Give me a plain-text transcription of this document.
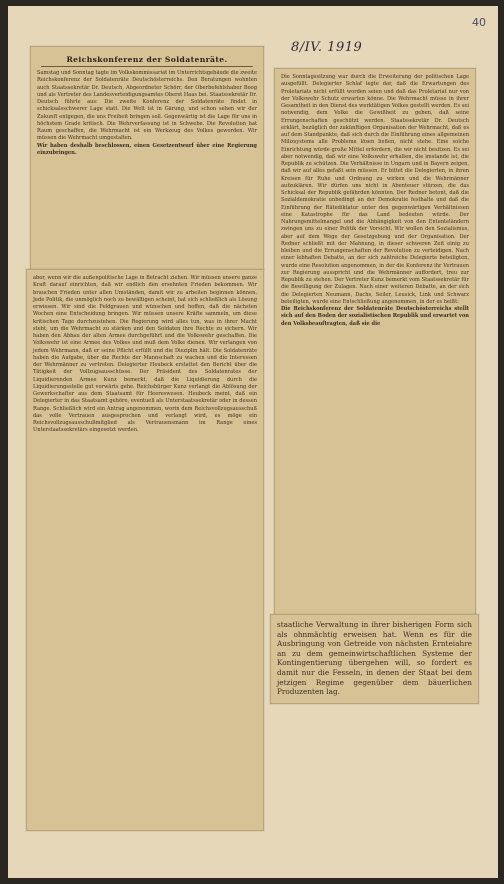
40
8/IV. 1919
Reichskonferenz der Soldatenräte.
Samstag und Sonntag tagte im Volkskommissariat im Unterrichtsgebäude die zweite Reichskonferenz der Soldatenräte Deutschösterreichs. Den Beratungen wohnten auch Staatssekretär Dr. Deutsch, Abgeordneter Schörr, der Oberbefehlshaber Boog und als Vertreter des Landesverteidigungsamtes Oberst Haas bei. Staatssekretär Dr. Deutsch führte aus: Die zweite Konferenz der Soldatenräte findet in schicksalsschwerer Lage statt. Die Welt ist in Gärung, und schon sehen wir der Zukunft entgegen, die uns Freiheit bringen soll. Gegenwärtig ist die Lage für uns in höchstem Grade kritisch. Die Wehrverfassung ist in Schwebe. Die Revolution hat Raum geschaffen, die Wehrmacht ist ein Werkzeug des Volkes geworden. Wir müssen die Wehrmacht umgestalten.
Wir haben deshalb beschlossen, einen Gesetzentwurf über eine Regierung einzubringen.
aber, wenn wir die außenpolitische Lage in Betracht ziehen. Wir müssen unsere ganze Kraft darauf einrichten, daß wir endlich den ersehnten Frieden bekommen. Wir brauchen Frieden unter allen Umständen, damit wir zu arbeiten beginnen können. Jede Politik, die unmöglich noch zu bewältigen scheint, hat sich schließlich als Lösung erwiesen. Wir sind die Feldgrauen und wünschen und hoffen, daß die nächsten Wochen eine Entscheidung bringen. Wir müssen unsere Kräfte sammeln, um diese kritischen Tage durchzustehen. Die Regierung wird alles tun, was in ihrer Macht steht, um die Wehrmacht zu stärken und den Soldaten ihre Rechte zu sichern. Wir haben den Abbau der alten Armee durchgeführt und die Volkswehr geschaffen. Die Volkswehr ist eine Armee des Volkes und muß dem Volke dienen. Wir verlangen von jedem Wehrmann, daß er seine Pflicht erfüllt und die Disziplin hält. Die Soldatenräte haben die Aufgabe, über die Rechte der Mannschaft zu wachen und die Interessen der Wehrmänner zu vertreten. Delegierter Heubeck erstattet den Bericht über die Tätigkeit der Vollzugsausschüsse. Der Präsident des Soldatenrates der Liquidierenden Armee Kunz bemerkt, daß die Liquidierung durch die Liquidierungsstelle gut vorwärts gehe. Reichsbürger Kunz verlangt die Ablösung der Gewerkschafter aus dem Staatsamt für Heereswesen. Heubeck meint, daß ein Delegierter in das Staatsamt gehöre, eventuell als Unterstaatssekretär oder in dessen Range. Schließlich wird ein Antrag angenommen, worin dem Reichsvollzugsausschuß das volle Vertrauen ausgesprochen und verlangt wird, es möge ein Reichsvollzugsausschußmitglied als Vertrauensmann im Range eines Unterstaatssekretärs eingesetzt werden.
Die Sonntagssitzung war durch die Erweiterung der politischen Lage ausgefüllt. Delegierter Schlaf legte dar, daß die Erwartungen des Proletariats nicht erfüllt worden seien und daß das Proletariat nur von der Volkswehr Schutz erwarten könne. Die Wehrmacht müsse in ihrer Gesamtheit in den Dienst des werktätigen Volkes gestellt werden. Es sei notwendig, dem Volke die Gewißheit zu geben, daß seine Errungenschaften geschützt werden. Staatssekretär Dr. Deutsch erklärt, bezüglich der zukünftigen Organisation der Wehrmacht, daß es auf dem Standpunkte, daß sich durch die Einführung eines allgemeinen Milizsystems alle Probleme lösen ließen, nicht stehe. Eine solche Einrichtung würde große Mittel erfordern, die wir nicht besitzen. Es sei aber notwendig, daß wir eine Volkswehr erhalten, die imstande ist, die Republik zu schützen. Die Verhältnisse in Ungarn und in Bayern zeigen, daß wir auf alles gefaßt sein müssen. Er bittet die Delegierten, in ihren Kreisen für Ruhe und Ordnung zu wirken und die Wehrmänner aufzuklären. Wir dürfen uns nicht in Abenteuer stürzen, die das Schicksal der Republik gefährden könnten. Der Redner betont, daß die Sozialdemokratie unbedingt an der Demokratie festhalte und daß die Einführung der Rätediktatur unter den gegenwärtigen Verhältnissen eine Katastrophe für das Land bedeuten würde. Der Nahrungsmittelmangel und die Abhängigkeit von den Ententeländern zwingen uns zu einer Politik der Vorsicht. Wir wollen den Sozialismus, aber auf dem Wege der Gesetzgebung und der Organisation. Der Redner schließt mit der Mahnung, in dieser schweren Zeit einig zu bleiben und die Errungenschaften der Revolution zu verteidigen. Nach einer lebhaften Debatte, an der sich zahlreiche Delegierte beteiligten, wurde eine Resolution angenommen, in der die Konferenz ihr Vertrauen zur Regierung ausspricht und die Wehrmänner auffordert, treu zur Republik zu stehen. Der Vertreter Kunz bemerkt vom Staatssekretär für die Bewilligung der Zulagen. Nach einer weiteren Debatte, an der sich die Delegierten Neumann, Dachs, Seiler, Leusick, Link und Schwarz beteiligten, wurde eine Entschließung angenommen, in der es heißt:
Die Reichskonferenz der Soldatenräte Deutschösterreichs stellt sich auf den Boden der sozialistischen Republik und erwartet von den Volksbeauftragten, daß sie die
staatliche Verwaltung in ihrer bisherigen Form sich als ohnmächtig erweisen hat. Wenn es für die Ausbringung von Getreide von nächsten Ernteiahre an zu dem gemeinwirtschaftlichen Systeme der Kontingentierung übergehen will, so fordert es damit nur die Fesseln, in denen der Staat bei dem jetzigen Regime gegenüber dem bäuerlichen Produzenten lag.
